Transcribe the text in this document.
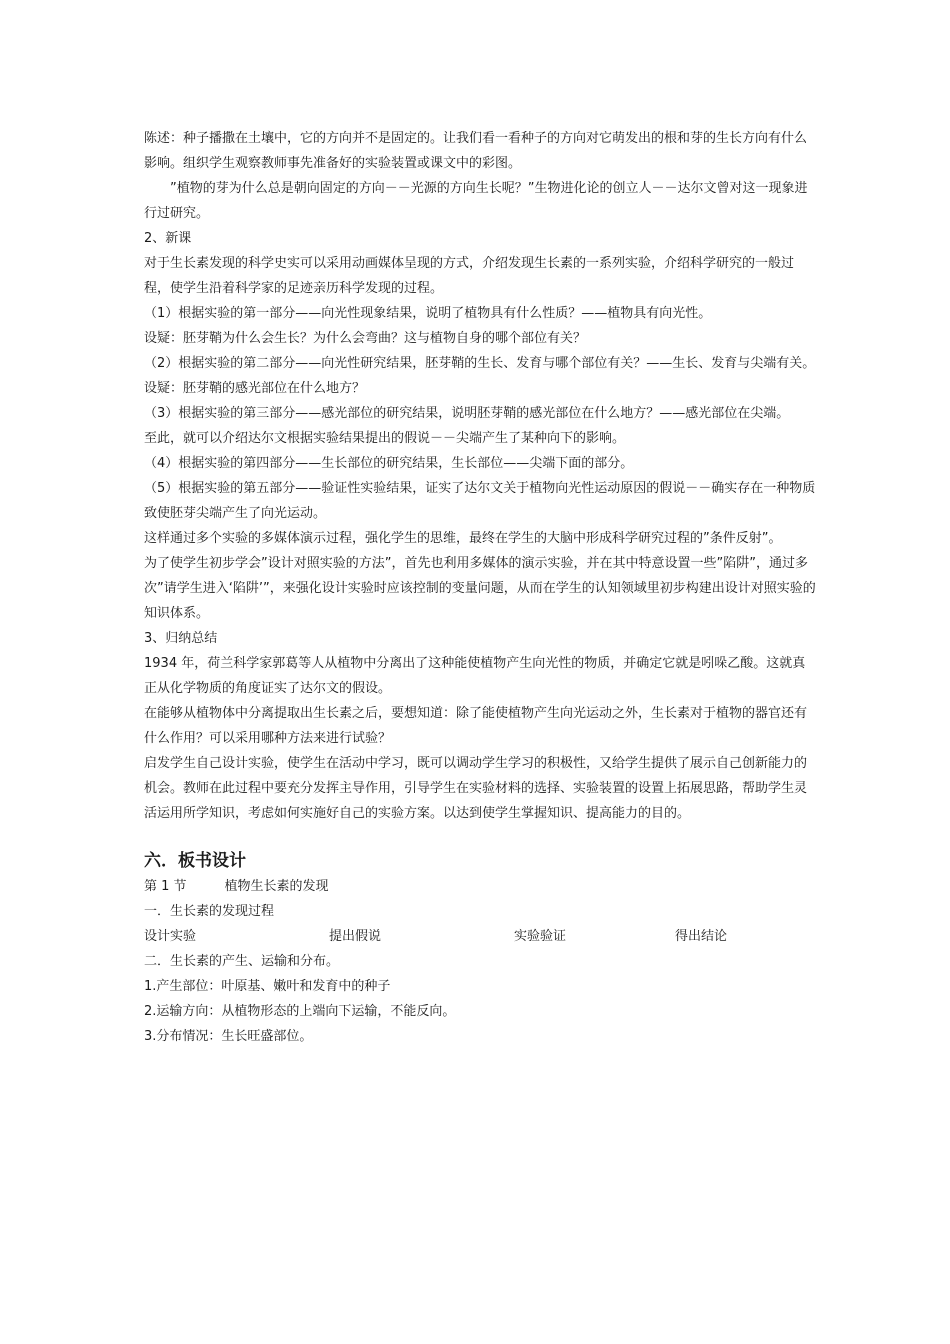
陈述：种子播撒在土壤中，它的方向并不是固定的。让我们看一看种子的方向对它萌发出的根和芽的生长方向有什么影响。组织学生观察教师事先准备好的实验装置或课文中的彩图。

”植物的芽为什么总是朝向固定的方向－－光源的方向生长呢？”生物进化论的创立人－－达尔文曾对这一现象进行过研究。

2、新课

对于生长素发现的科学史实可以采用动画媒体呈现的方式，介绍发现生长素的一系列实验，介绍科学研究的一般过程，使学生沿着科学家的足迹亲历科学发现的过程。

（1）根据实验的第一部分——向光性现象结果，说明了植物具有什么性质？——植物具有向光性。

设疑：胚芽鞘为什么会生长？为什么会弯曲？这与植物自身的哪个部位有关？

（2）根据实验的第二部分——向光性研究结果，胚芽鞘的生长、发育与哪个部位有关？——生长、发育与尖端有关。

设疑：胚芽鞘的感光部位在什么地方？

（3）根据实验的第三部分——感光部位的研究结果，说明胚芽鞘的感光部位在什么地方？——感光部位在尖端。

至此，就可以介绍达尔文根据实验结果提出的假说－－尖端产生了某种向下的影响。

（4）根据实验的第四部分——生长部位的研究结果，生长部位——尖端下面的部分。

（5）根据实验的第五部分——验证性实验结果，证实了达尔文关于植物向光性运动原因的假说－－确实存在一种物质致使胚芽尖端产生了向光运动。

这样通过多个实验的多媒体演示过程，强化学生的思维，最终在学生的大脑中形成科学研究过程的”条件反射”。

为了使学生初步学会”设计对照实验的方法”，首先也利用多媒体的演示实验，并在其中特意设置一些”陷阱”，通过多次”请学生进入‘陷阱’”，来强化设计实验时应该控制的变量问题，从而在学生的认知领域里初步构建出设计对照实验的知识体系。

3、归纳总结

1934 年，荷兰科学家郭葛等人从植物中分离出了这种能使植物产生向光性的物质，并确定它就是吲哚乙酸。这就真正从化学物质的角度证实了达尔文的假设。

在能够从植物体中分离提取出生长素之后，要想知道：除了能使植物产生向光运动之外，生长素对于植物的器官还有什么作用？可以采用哪种方法来进行试验？

启发学生自己设计实验，使学生在活动中学习，既可以调动学生学习的积极性，又给学生提供了展示自己创新能力的机会。教师在此过程中要充分发挥主导作用，引导学生在实验材料的选择、实验装置的设置上拓展思路，帮助学生灵活运用所学知识，考虑如何实施好自己的实验方案。以达到使学生掌握知识、提高能力的目的。

六．板书设计
第 1 节	植物生长素的发现

一．生长素的发现过程

设计实验	提出假说	实验验证	得出结论

二．生长素的产生、运输和分布。

1.产生部位：叶原基、嫩叶和发育中的种子

2.运输方向：从植物形态的上端向下运输，不能反向。

3.分布情况：生长旺盛部位。
